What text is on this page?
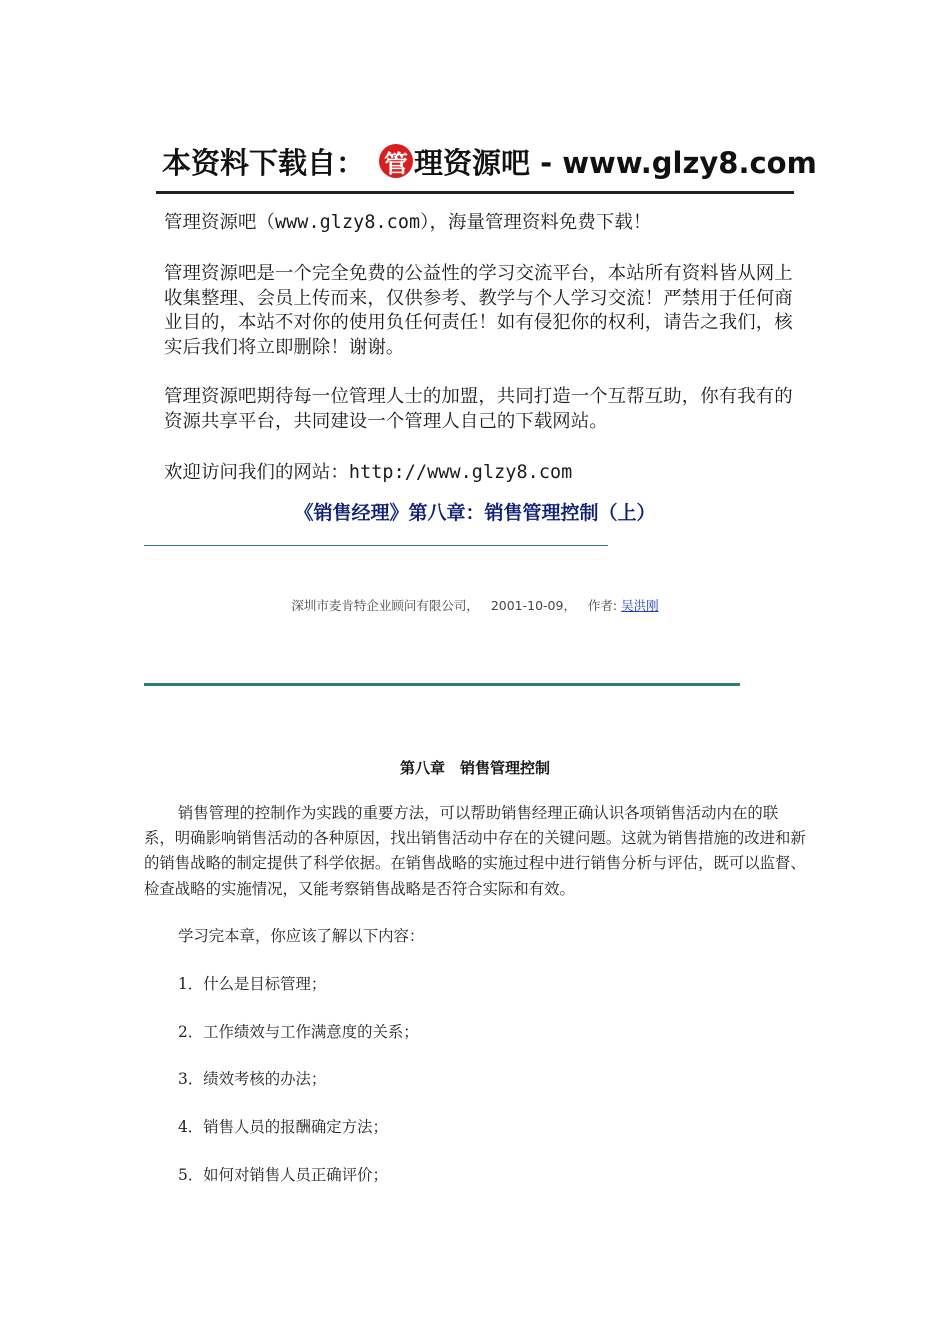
本资料下载自： 管 理资源吧 - www.glzy8.com
管理资源吧（www.glzy8.com），海量管理资料免费下载！
管理资源吧是一个完全免费的公益性的学习交流平台，本站所有资料皆从网上收集整理、会员上传而来，仅供参考、教学与个人学习交流！严禁用于任何商业目的，本站不对你的使用负任何责任！如有侵犯你的权利，请告之我们，核实后我们将立即删除！谢谢。
管理资源吧期待每一位管理人士的加盟，共同打造一个互帮互助，你有我有的资源共享平台，共同建设一个管理人自己的下载网站。
欢迎访问我们的网站：http://www.glzy8.com
《销售经理》第八章：销售管理控制（上）
深圳市麦肯特企业顾问有限公司， 2001-10-09， 作者: 吴洪刚
第八章　销售管理控制

销售管理的控制作为实践的重要方法，可以帮助销售经理正确认识各项销售活动内在的联系，明确影响销售活动的各种原因，找出销售活动中存在的关键问题。这就为销售措施的改进和新的销售战略的制定提供了科学依据。在销售战略的实施过程中进行销售分析与评估，既可以监督、检查战略的实施情况，又能考察销售战略是否符合实际和有效。

学习完本章，你应该了解以下内容：

1．什么是目标管理；

2．工作绩效与工作满意度的关系；

3．绩效考核的办法；

4．销售人员的报酬确定方法；

5．如何对销售人员正确评价；
